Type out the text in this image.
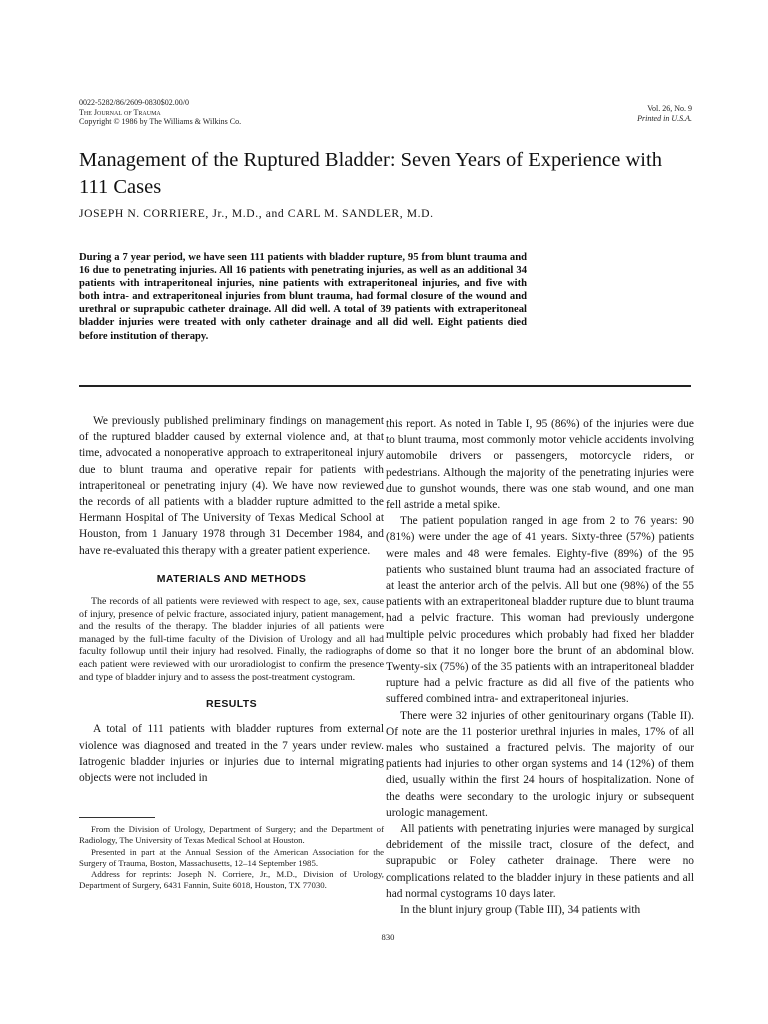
0022-5282/86/2609-0830$02.00/0
The Journal of Trauma
Copyright © 1986 by The Williams & Wilkins Co.
Vol. 26, No. 9
Printed in U.S.A.
Management of the Ruptured Bladder: Seven Years of Experience with 111 Cases
JOSEPH N. CORRIERE, Jr., M.D., and CARL M. SANDLER, M.D.
During a 7 year period, we have seen 111 patients with bladder rupture, 95 from blunt trauma and 16 due to penetrating injuries. All 16 patients with penetrating injuries, as well as an additional 34 patients with intraperitoneal injuries, nine patients with extraperitoneal injuries, and five with both intra- and extraperitoneal injuries from blunt trauma, had formal closure of the wound and urethral or suprapubic catheter drainage. All did well. A total of 39 patients with extraperitoneal bladder injuries were treated with only catheter drainage and all did well. Eight patients died before institution of therapy.

We previously published preliminary findings on management of the ruptured bladder caused by external violence and, at that time, advocated a nonoperative approach to extraperitoneal injury due to blunt trauma and operative repair for patients with intraperitoneal or penetrating injury (4). We have now reviewed the records of all patients with a bladder rupture admitted to the Hermann Hospital of The University of Texas Medical School at Houston, from 1 January 1978 through 31 December 1984, and have re-evaluated this therapy with a greater patient experience.

MATERIALS AND METHODS

The records of all patients were reviewed with respect to age, sex, cause of injury, presence of pelvic fracture, associated injury, patient management, and the results of the therapy. The bladder injuries of all patients were managed by the full-time faculty of the Division of Urology and all had faculty followup until their injury had resolved. Finally, the radiographs of each patient were reviewed with our uroradiologist to confirm the presence and type of bladder injury and to assess the post-treatment cystogram.

RESULTS

A total of 111 patients with bladder ruptures from external violence was diagnosed and treated in the 7 years under review. Iatrogenic bladder injuries or injuries due to internal migrating objects were not included in

this report. As noted in Table I, 95 (86%) of the injuries were due to blunt trauma, most commonly motor vehicle accidents involving automobile drivers or passengers, motorcycle riders, or pedestrians. Although the majority of the penetrating injuries were due to gunshot wounds, there was one stab wound, and one man fell astride a metal spike.

The patient population ranged in age from 2 to 76 years: 90 (81%) were under the age of 41 years. Sixty-three (57%) patients were males and 48 were females. Eighty-five (89%) of the 95 patients who sustained blunt trauma had an associated fracture of at least the anterior arch of the pelvis. All but one (98%) of the 55 patients with an extraperitoneal bladder rupture due to blunt trauma had a pelvic fracture. This woman had previously undergone multiple pelvic procedures which probably had fixed her bladder dome so that it no longer bore the brunt of an abdominal blow. Twenty-six (75%) of the 35 patients with an intraperitoneal bladder rupture had a pelvic fracture as did all five of the patients who suffered combined intra- and extraperitoneal injuries.

There were 32 injuries of other genitourinary organs (Table II). Of note are the 11 posterior urethral injuries in males, 17% of all males who sustained a fractured pelvis. The majority of our patients had injuries to other organ systems and 14 (12%) of them died, usually within the first 24 hours of hospitalization. None of the deaths were secondary to the urologic injury or subsequent urologic management.

All patients with penetrating injuries were managed by surgical debridement of the missile tract, closure of the defect, and suprapubic or Foley catheter drainage. There were no complications related to the bladder injury in these patients and all had normal cystograms 10 days later.

In the blunt injury group (Table III), 34 patients with

From the Division of Urology, Department of Surgery; and the Department of Radiology, The University of Texas Medical School at Houston.

Presented in part at the Annual Session of the American Association for the Surgery of Trauma, Boston, Massachusetts, 12–14 September 1985.

Address for reprints: Joseph N. Corriere, Jr., M.D., Division of Urology, Department of Surgery, 6431 Fannin, Suite 6018, Houston, TX 77030.

830
